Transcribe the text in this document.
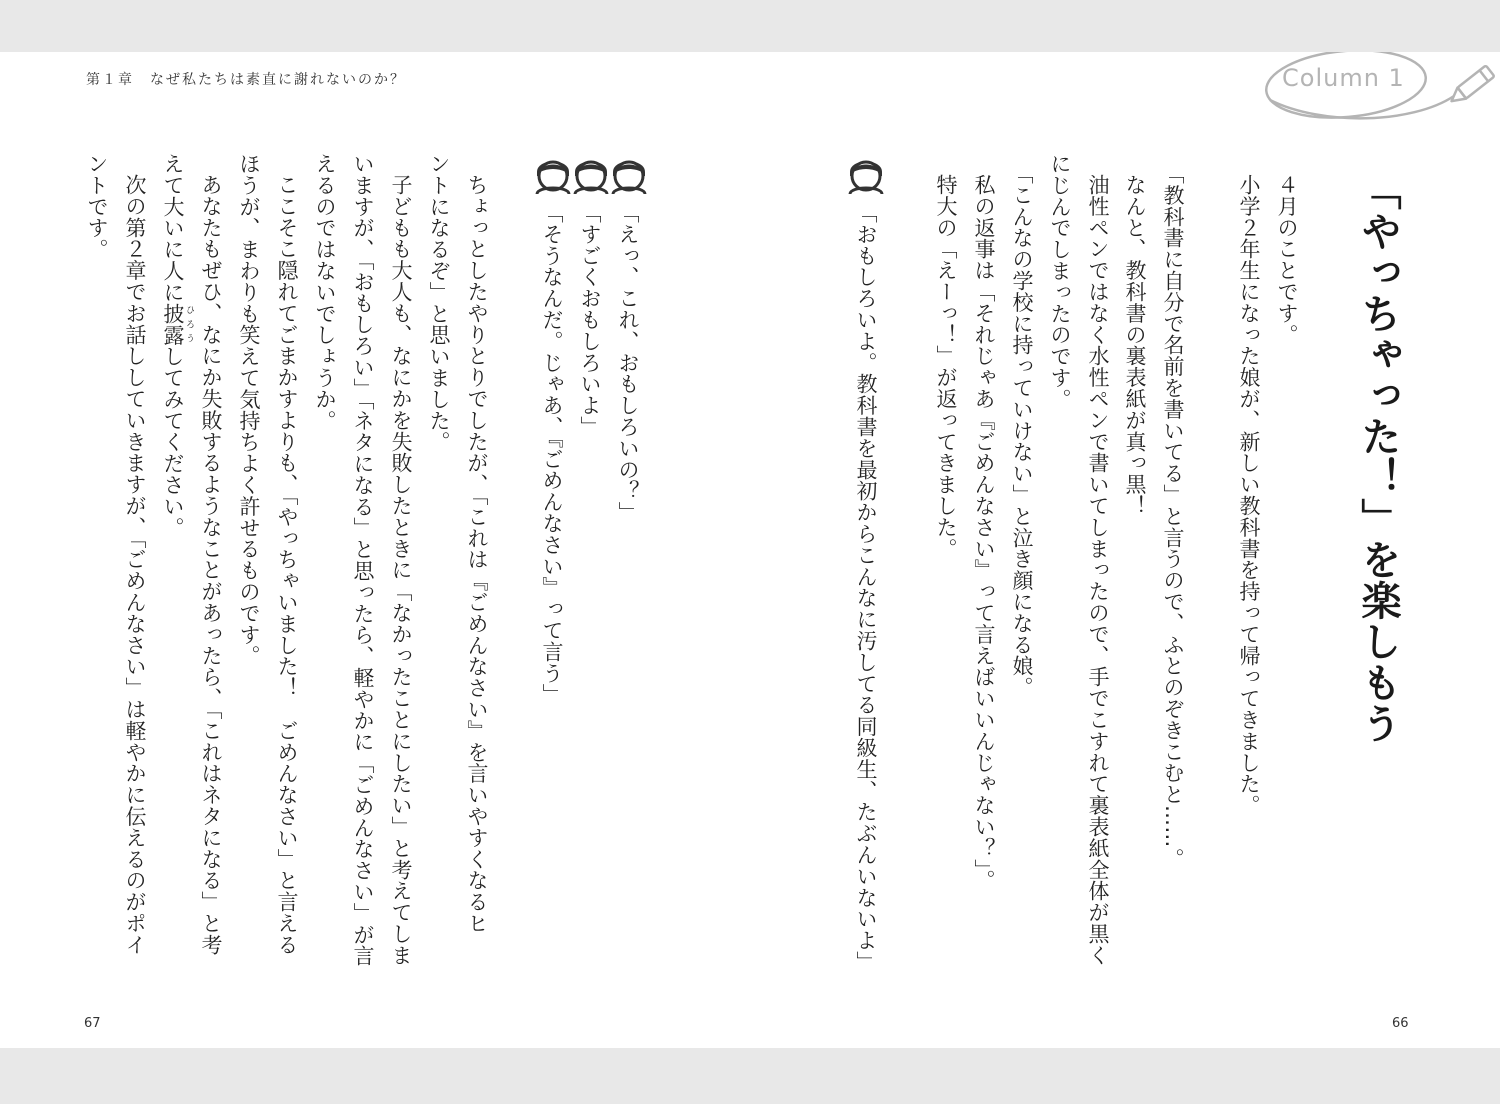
第１章　なぜ私たちは素直に謝れないのか？	Column 1
「やっちゃった！」を楽しもう
４月のことです。
小学２年生になった娘が、新しい教科書を持って帰ってきました。
「教科書に自分で名前を書いてる」と言うので、ふとのぞきこむと……。
なんと、教科書の裏表紙が真っ黒！
油性ペンではなく水性ペンで書いてしまったので、手でこすれて裏表紙全体が黒く
にじんでしまったのです。
「こんなの学校に持っていけない」と泣き顔になる娘。
私の返事は「それじゃあ『ごめんなさい』って言えばいいんじゃない？」。
特大の「えーっ！」が返ってきました。
「おもしろいよ。教科書を最初からこんなに汚してる同級生、たぶんいないよ」
66
「えっ、これ、おもしろいの？」
「すごくおもしろいよ」
「そうなんだ。じゃあ、『ごめんなさい』って言う」
ちょっとしたやりとりでしたが、「これは『ごめんなさい』を言いやすくなるヒ
ントになるぞ」と思いました。
子どもも大人も、なにかを失敗したときに「なかったことにしたい」と考えてしま
いますが、「おもしろい」「ネタになる」と思ったら、軽やかに「ごめんなさい」が言
えるのではないでしょうか。
ここそこ隠れてごまかすよりも、「やっちゃいました！　ごめんなさい」と言える
ほうが、まわりも笑えて気持ちよく許せるものです。
あなたもぜひ、なにか失敗するようなことがあったら、「これはネタになる」と考
えて大いに人に披露 ひろうしてみてください。
次の第２章でお話ししていきますが、「ごめんなさい」は軽やかに伝えるのがポイ
ントです。
67
